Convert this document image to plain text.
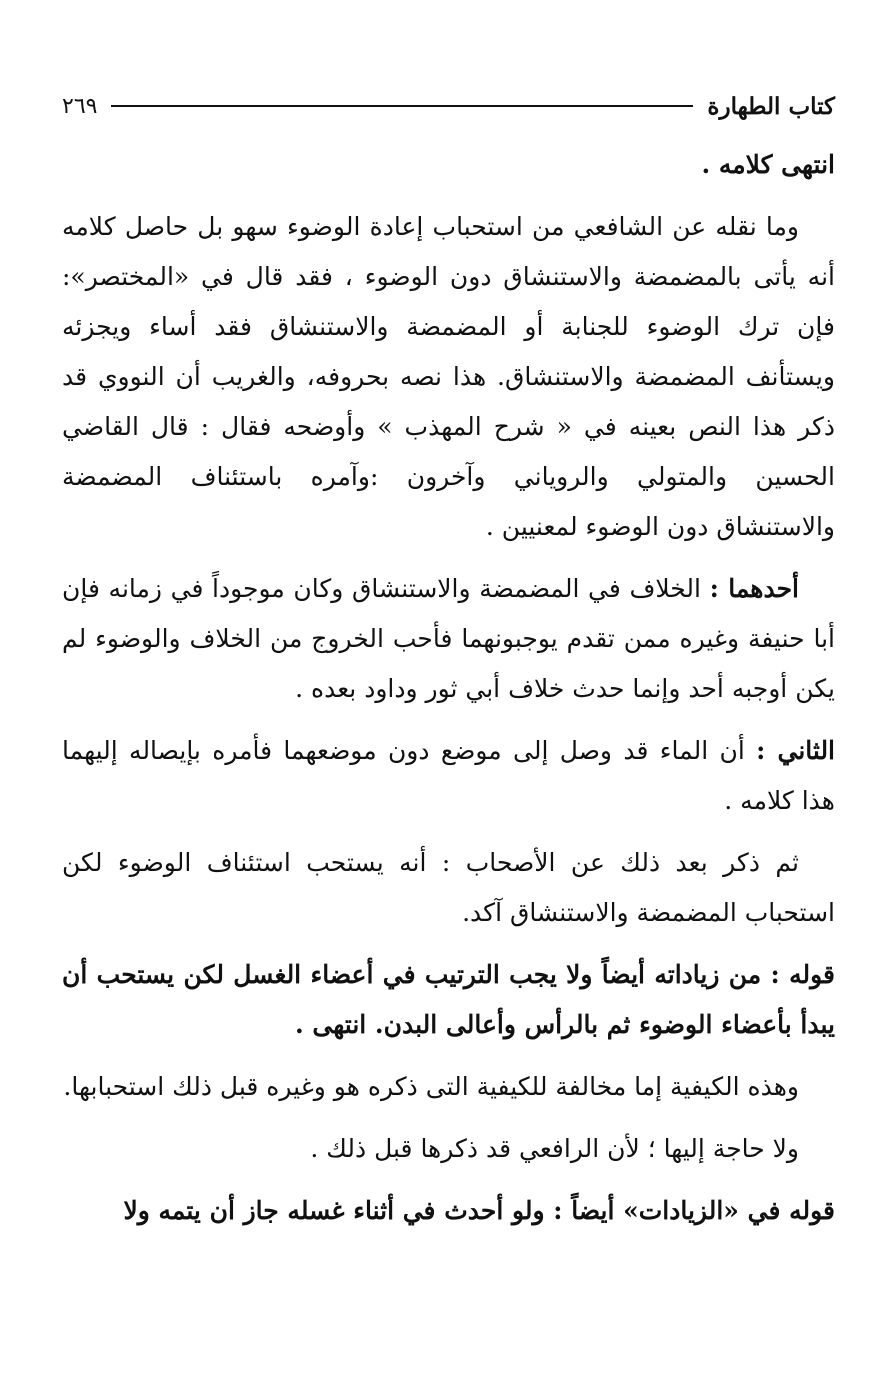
كتاب الطهارة
٢٦٩

انتهى كلامه .

وما نقله عن الشافعي من استحباب إعادة الوضوء سهو بل حاصل كلامه أنه يأتى بالمضمضة والاستنشاق دون الوضوء ، فقد قال في «المختصر»: فإن ترك الوضوء للجنابة أو المضمضة والاستنشاق فقد أساء ويجزئه ويستأنف المضمضة والاستنشاق. هذا نصه بحروفه، والغريب أن النووي قد ذكر هذا النص بعينه في « شرح المهذب » وأوضحه فقال : قال القاضي الحسين والمتولي والروياني وآخرون :وآمره باستئناف المضمضة والاستنشاق دون الوضوء لمعنيين .

أحدهما : الخلاف في المضمضة والاستنشاق وكان موجوداً في زمانه فإن أبا حنيفة وغيره ممن تقدم يوجبونهما فأحب الخروج من الخلاف والوضوء لم يكن أوجبه أحد وإنما حدث خلاف أبي ثور وداود بعده .

الثاني : أن الماء قد وصل إلى موضع دون موضعهما فأمره بإيصاله إليهما هذا كلامه .

ثم ذكر بعد ذلك عن الأصحاب : أنه يستحب استئناف الوضوء لكن استحباب المضمضة والاستنشاق آكد.

قوله : من زياداته أيضاً ولا يجب الترتيب في أعضاء الغسل لكن يستحب أن يبدأ بأعضاء الوضوء ثم بالرأس وأعالى البدن. انتهى .

وهذه الكيفية إما مخالفة للكيفية التى ذكره هو وغيره قبل ذلك استحبابها.

ولا حاجة إليها ؛ لأن الرافعي قد ذكرها قبل ذلك .

قوله في «الزيادات» أيضاً : ولو أحدث في أثناء غسله جاز أن يتمه ولا
